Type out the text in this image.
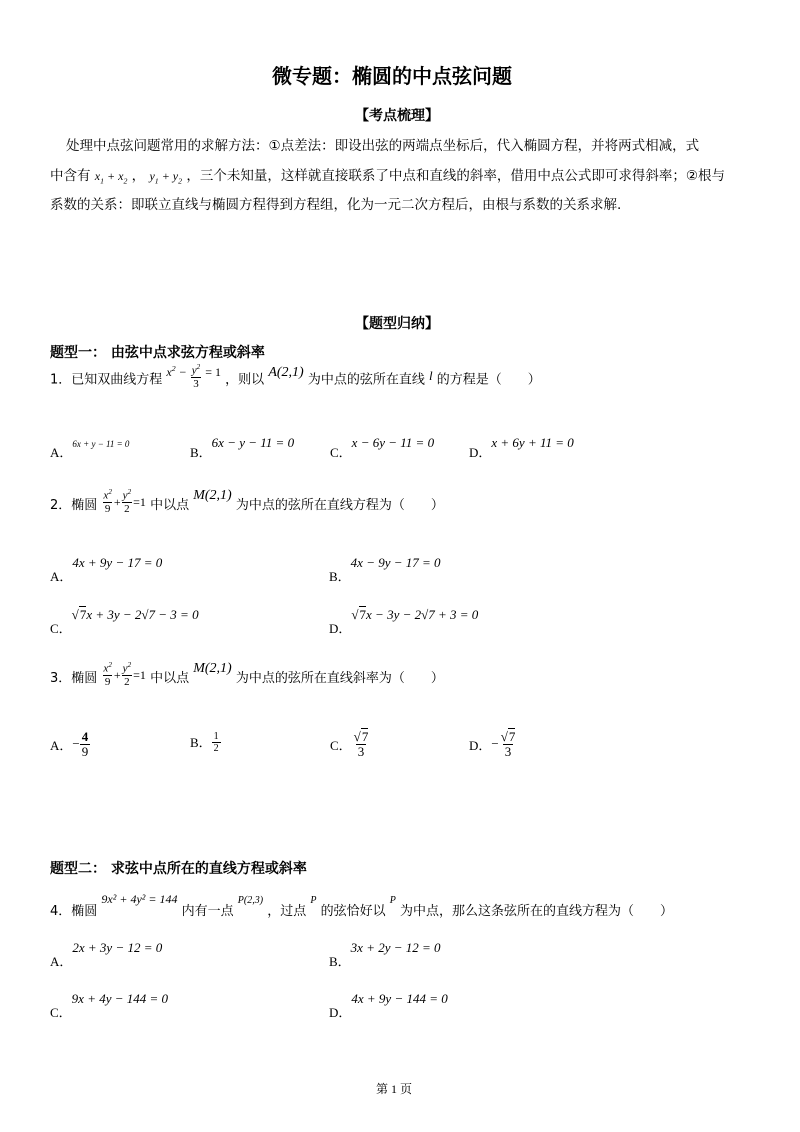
微专题：椭圆的中点弦问题
【考点梳理】
处理中点弦问题常用的求解方法：①点差法：即设出弦的两端点坐标后，代入椭圆方程，并将两式相减，式
中含有 $x_1 + x_2$ ， $y_1 + y_2$ ，三个未知量，这样就直接联系了中点和直线的斜率，借用中点公式即可求得斜率；②根与
系数的关系：即联立直线与椭圆方程得到方程组，化为一元二次方程后，由根与系数的关系求解.
【题型归纳】
题型一： 由弦中点求弦方程或斜率
1．已知双曲线方程 $x^2 - \frac{y^2}{3} = 1$ ，则以 A(2,1) 为中点的弦所在直线 l 的方程是（　　）
A．6x + y − 11 = 0
B．6x − y − 11 = 0
C．x − 6y − 11 = 0
D．x + 6y + 11 = 0
2．椭圆 $\frac{x^2}{9} + \frac{y^2}{2} =1$ 中以点 M(2,1) 为中点的弦所在直线方程为（　　）
A．4x + 9y − 17 = 0
B．4x − 9y − 17 = 0
C．√7x + 3y − 2√7 − 3 = 0
D．√7x − 3y − 2√7 + 3 = 0
3．椭圆 $\frac{x^2}{9} + \frac{y^2}{2} =1$ 中以点 M(2,1) 为中点的弦所在直线斜率为（　　）
A．− $\frac{4}{9}$	B． $\frac{1}{2}$	C． $\frac{√7}{3}$	D．− $\frac{√7}{3}$
题型二： 求弦中点所在的直线方程或斜率
4．椭圆 9x² + 4y² = 144 内有一点 P(2,3) ，过点 P 的弦恰好以 P 为中点，那么这条弦所在的直线方程为（　　）
A．2x + 3y − 12 = 0
B．3x + 2y − 12 = 0
C．9x + 4y − 144 = 0
D．4x + 9y − 144 = 0
第 1 页
